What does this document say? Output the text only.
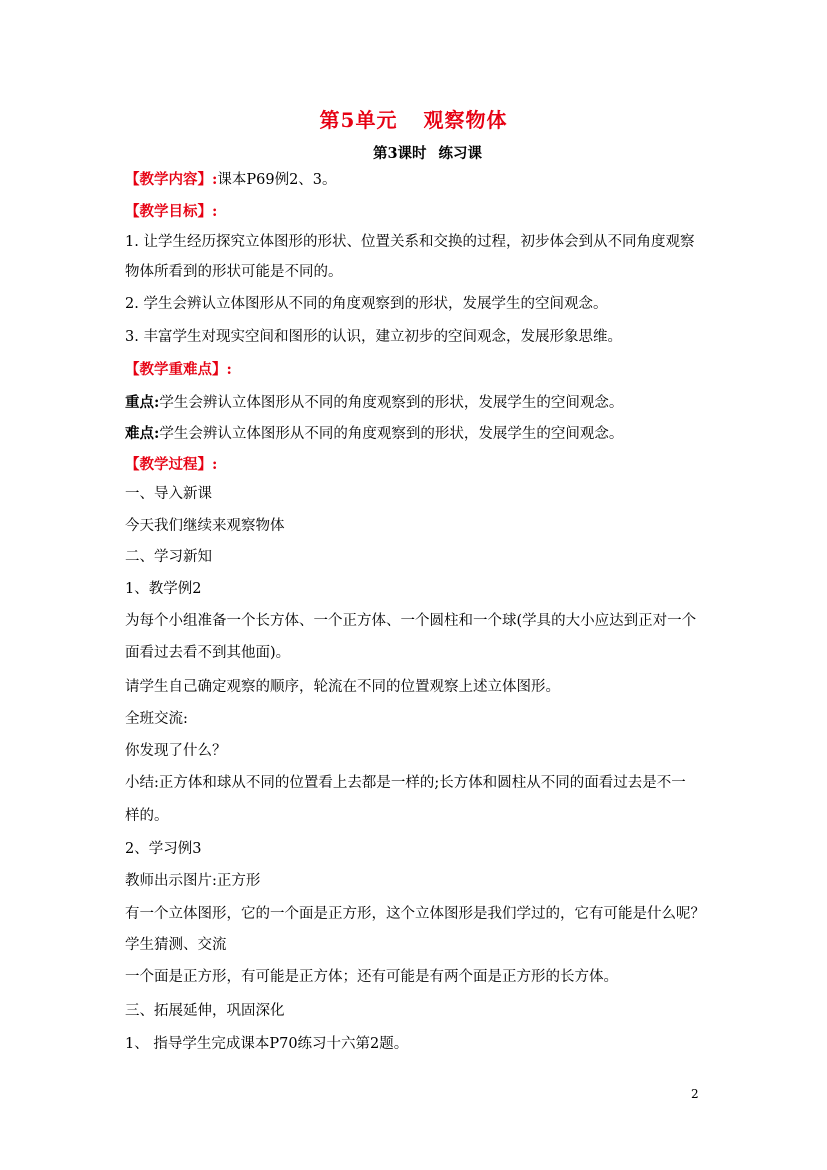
第5单元 观察物体
第3课时 练习课
【教学内容】:课本P69例2、3。
【教学目标】:
1. 让学生经历探究立体图形的形状、位置关系和交换的过程，初步体会到从不同角度观察
物体所看到的形状可能是不同的。
2. 学生会辨认立体图形从不同的角度观察到的形状，发展学生的空间观念。
3. 丰富学生对现实空间和图形的认识，建立初步的空间观念，发展形象思维。
【教学重难点】:
重点:学生会辨认立体图形从不同的角度观察到的形状，发展学生的空间观念。
难点:学生会辨认立体图形从不同的角度观察到的形状，发展学生的空间观念。
【教学过程】:
一、导入新课
今天我们继续来观察物体
二、学习新知
1、教学例2
为每个小组准备一个长方体、一个正方体、一个圆柱和一个球(学具的大小应达到正对一个
面看过去看不到其他面)。
请学生自己确定观察的顺序，轮流在不同的位置观察上述立体图形。
全班交流:
你发现了什么？
小结:正方体和球从不同的位置看上去都是一样的;长方体和圆柱从不同的面看过去是不一
样的。
2、学习例3
教师出示图片:正方形
有一个立体图形，它的一个面是正方形，这个立体图形是我们学过的，它有可能是什么呢？
学生猜测、交流
一个面是正方形，有可能是正方体；还有可能是有两个面是正方形的长方体。
三、拓展延伸，巩固深化
1、 指导学生完成课本P70练习十六第2题。
2
